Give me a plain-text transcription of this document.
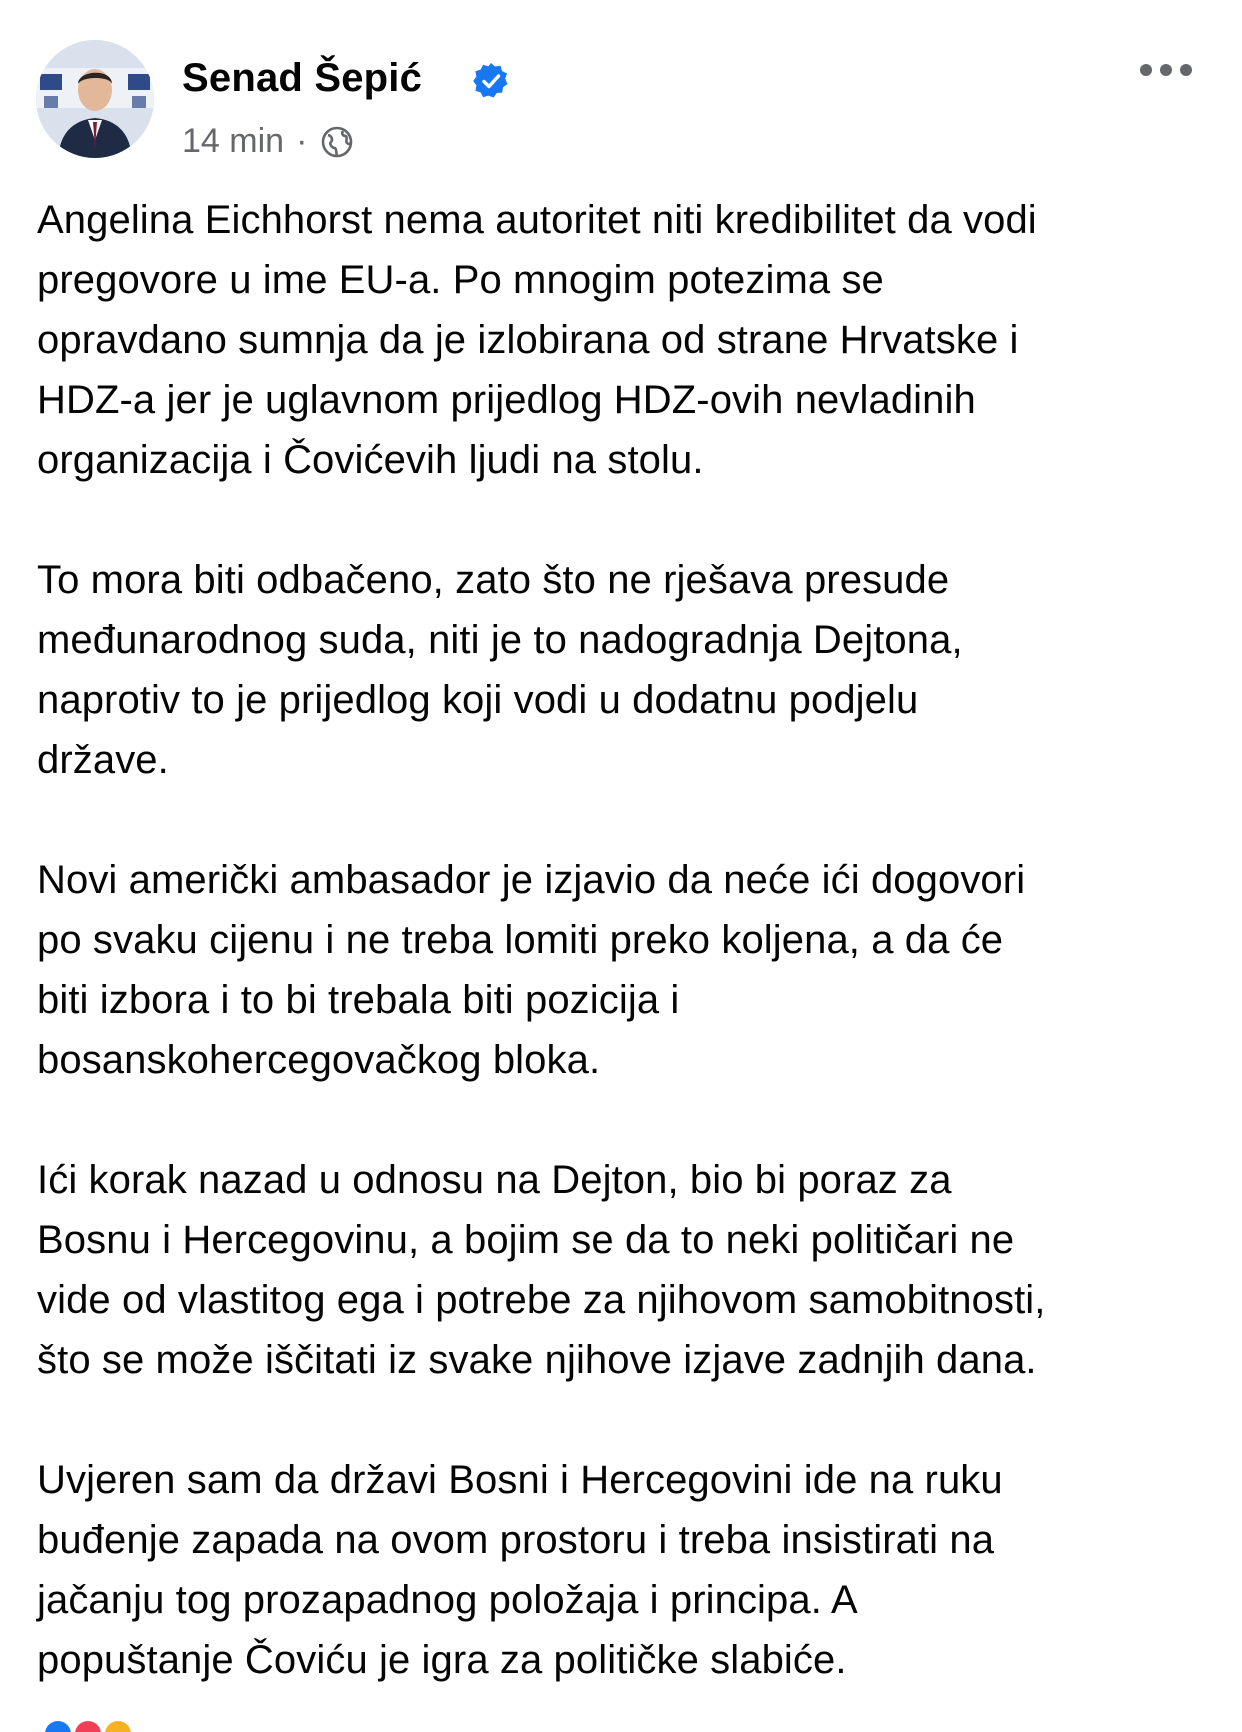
Senad Šepić
14 min ·

Angelina Eichhorst nema autoritet niti kredibilitet da vodi
pregovore u ime EU-a. Po mnogim potezima se
opravdano sumnja da je izlobirana od strane Hrvatske i
HDZ-a jer je uglavnom prijedlog HDZ-ovih nevladinih
organizacija i Čovićevih ljudi na stolu.

To mora biti odbačeno, zato što ne rješava presude
međunarodnog suda, niti je to nadogradnja Dejtona,
naprotiv to je prijedlog koji vodi u dodatnu podjelu
države.

Novi američki ambasador je izjavio da neće ići dogovori
po svaku cijenu i ne treba lomiti preko koljena, a da će
biti izbora i to bi trebala biti pozicija i
bosanskohercegovačkog bloka.

Ići korak nazad u odnosu na Dejton, bio bi poraz za
Bosnu i Hercegovinu, a bojim se da to neki političari ne
vide od vlastitog ega i potrebe za njihovom samobitnosti,
što se može iščitati iz svake njihove izjave zadnjih dana.

Uvjeren sam da državi Bosni i Hercegovini ide na ruku
buđenje zapada na ovom prostoru i treba insistirati na
jačanju tog prozapadnog položaja i principa. A
popuštanje Čoviću je igra za političke slabiće.
